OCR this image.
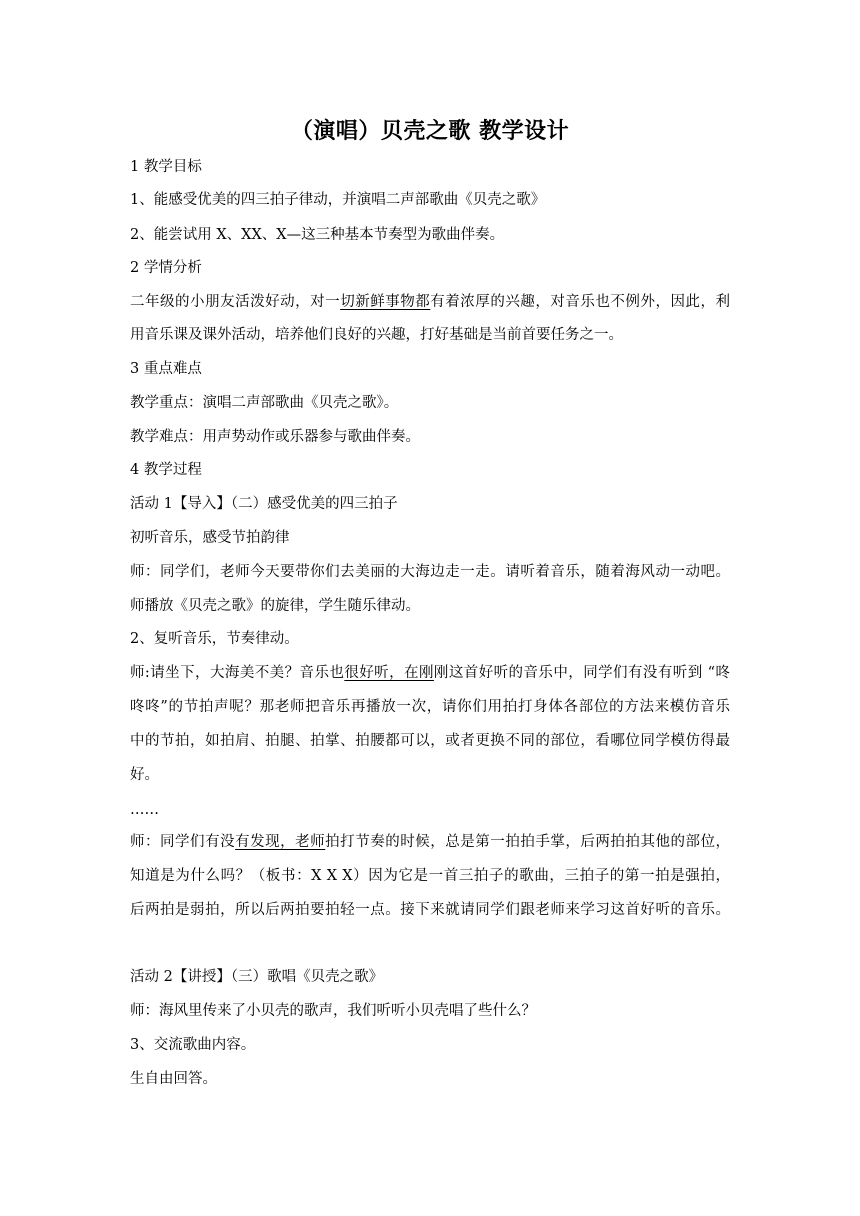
（演唱）贝壳之歌 教学设计
1 教学目标
1、能感受优美的四三拍子律动，并演唱二声部歌曲《贝壳之歌》
2、能尝试用 X、XX、X—这三种基本节奏型为歌曲伴奏。
2 学情分析
二年级的小朋友活泼好动，对一切新鲜事物都有着浓厚的兴趣，对音乐也不例外，因此，利
用音乐课及课外活动，培养他们良好的兴趣，打好基础是当前首要任务之一。
3 重点难点
教学重点：演唱二声部歌曲《贝壳之歌》。
教学难点：用声势动作或乐器参与歌曲伴奏。
4 教学过程
活动 1【导入】（二）感受优美的四三拍子
初听音乐，感受节拍韵律
师：同学们，老师今天要带你们去美丽的大海边走一走。请听着音乐，随着海风动一动吧。
师播放《贝壳之歌》的旋律，学生随乐律动。
2、复听音乐，节奏律动。
师:请坐下，大海美不美？音乐也很好听，在刚刚这首好听的音乐中，同学们有没有听到 “咚
咚咚”的节拍声呢？那老师把音乐再播放一次，请你们用拍打身体各部位的方法来模仿音乐
中的节拍，如拍肩、拍腿、拍掌、拍腰都可以，或者更换不同的部位，看哪位同学模仿得最
好。
……
师：同学们有没有发现，老师拍打节奏的时候，总是第一拍拍手掌，后两拍拍其他的部位，
知道是为什么吗？（板书：X X X）因为它是一首三拍子的歌曲，三拍子的第一拍是强拍，
后两拍是弱拍，所以后两拍要拍轻一点。接下来就请同学们跟老师来学习这首好听的音乐。
活动 2【讲授】（三）歌唱《贝壳之歌》
师：海风里传来了小贝壳的歌声，我们听听小贝壳唱了些什么？
3、交流歌曲内容。
生自由回答。
